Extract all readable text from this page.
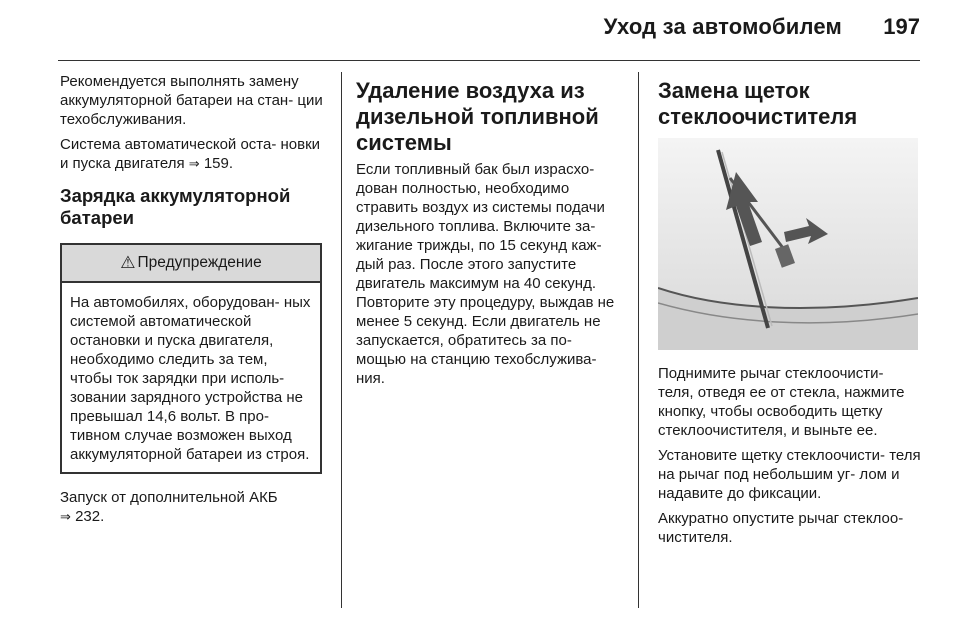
Уход за автомобилем 197

Рекомендуется выполнять замену аккумуляторной батареи на стан- ции техобслуживания.

Система автоматической оста- новки и пуска двигателя ⇒ 159.

Зарядка аккумуляторной батареи
⚠ Предупреждение
На автомобилях, оборудован- ных системой автоматической остановки и пуска двигателя, необходимо следить за тем, чтобы ток зарядки при исполь- зовании зарядного устройства не превышал 14,6 вольт. В про- тивном случае возможен выход аккумуляторной батареи из строя.

Запуск от дополнительной АКБ
⇒ 232.

Удаление воздуха из дизельной топливной системы

Если топливный бак был израсхо- дован полностью, необходимо стравить воздух из системы подачи дизельного топлива. Включите за- жигание трижды, по 15 секунд каж- дый раз. После этого запустите двигатель максимум на 40 секунд. Повторите эту процедуру, выждав не менее 5 секунд. Если двигатель не запускается, обратитесь за по- мощью на станцию техобслужива- ния.

Замена щеток стеклоочистителя

Поднимите рычаг стеклоочисти- теля, отведя ее от стекла, нажмите кнопку, чтобы освободить щетку стеклоочистителя, и выньте ее.

Установите щетку стеклоочисти- теля на рычаг под небольшим уг- лом и надавите до фиксации.

Аккуратно опустите рычаг стеклоо- чистителя.
